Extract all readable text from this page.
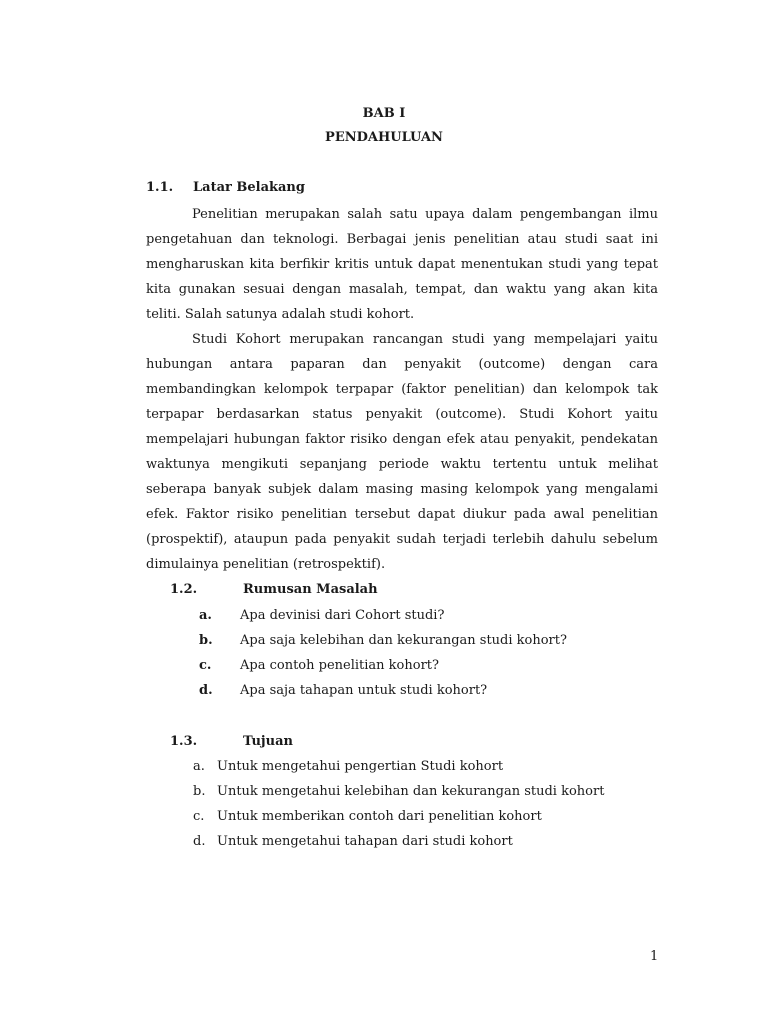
BAB I
PENDAHULUAN
1.1. Latar Belakang

Penelitian merupakan salah satu upaya dalam pengembangan ilmu pengetahuan dan teknologi. Berbagai jenis penelitian atau studi saat ini mengharuskan kita berfikir kritis untuk dapat menentukan studi yang tepat kita gunakan sesuai dengan masalah, tempat, dan waktu yang akan kita teliti. Salah satunya adalah studi kohort.

Studi Kohort merupakan rancangan studi yang mempelajari yaitu hubungan antara paparan dan penyakit (outcome) dengan cara membandingkan kelompok terpapar (faktor penelitian) dan kelompok tak terpapar berdasarkan status penyakit (outcome). Studi Kohort yaitu mempelajari hubungan faktor risiko dengan efek atau penyakit, pendekatan waktunya mengikuti sepanjang periode waktu tertentu untuk melihat seberapa banyak subjek dalam masing masing kelompok yang mengalami efek. Faktor risiko penelitian tersebut dapat diukur pada awal penelitian (prospektif), ataupun pada penyakit sudah terjadi terlebih dahulu sebelum dimulainya penelitian (retrospektif).

1.2.	Rumusan Masalah
a. Apa devinisi dari Cohort studi?
b. Apa saja kelebihan dan kekurangan studi kohort?
c. Apa contoh penelitian kohort?
d. Apa saja tahapan untuk studi kohort?
1.3.	Tujuan
a. Untuk mengetahui pengertian Studi kohort
b. Untuk mengetahui kelebihan dan kekurangan studi kohort
c. Untuk memberikan contoh dari penelitian kohort
d. Untuk mengetahui tahapan dari studi kohort
1
